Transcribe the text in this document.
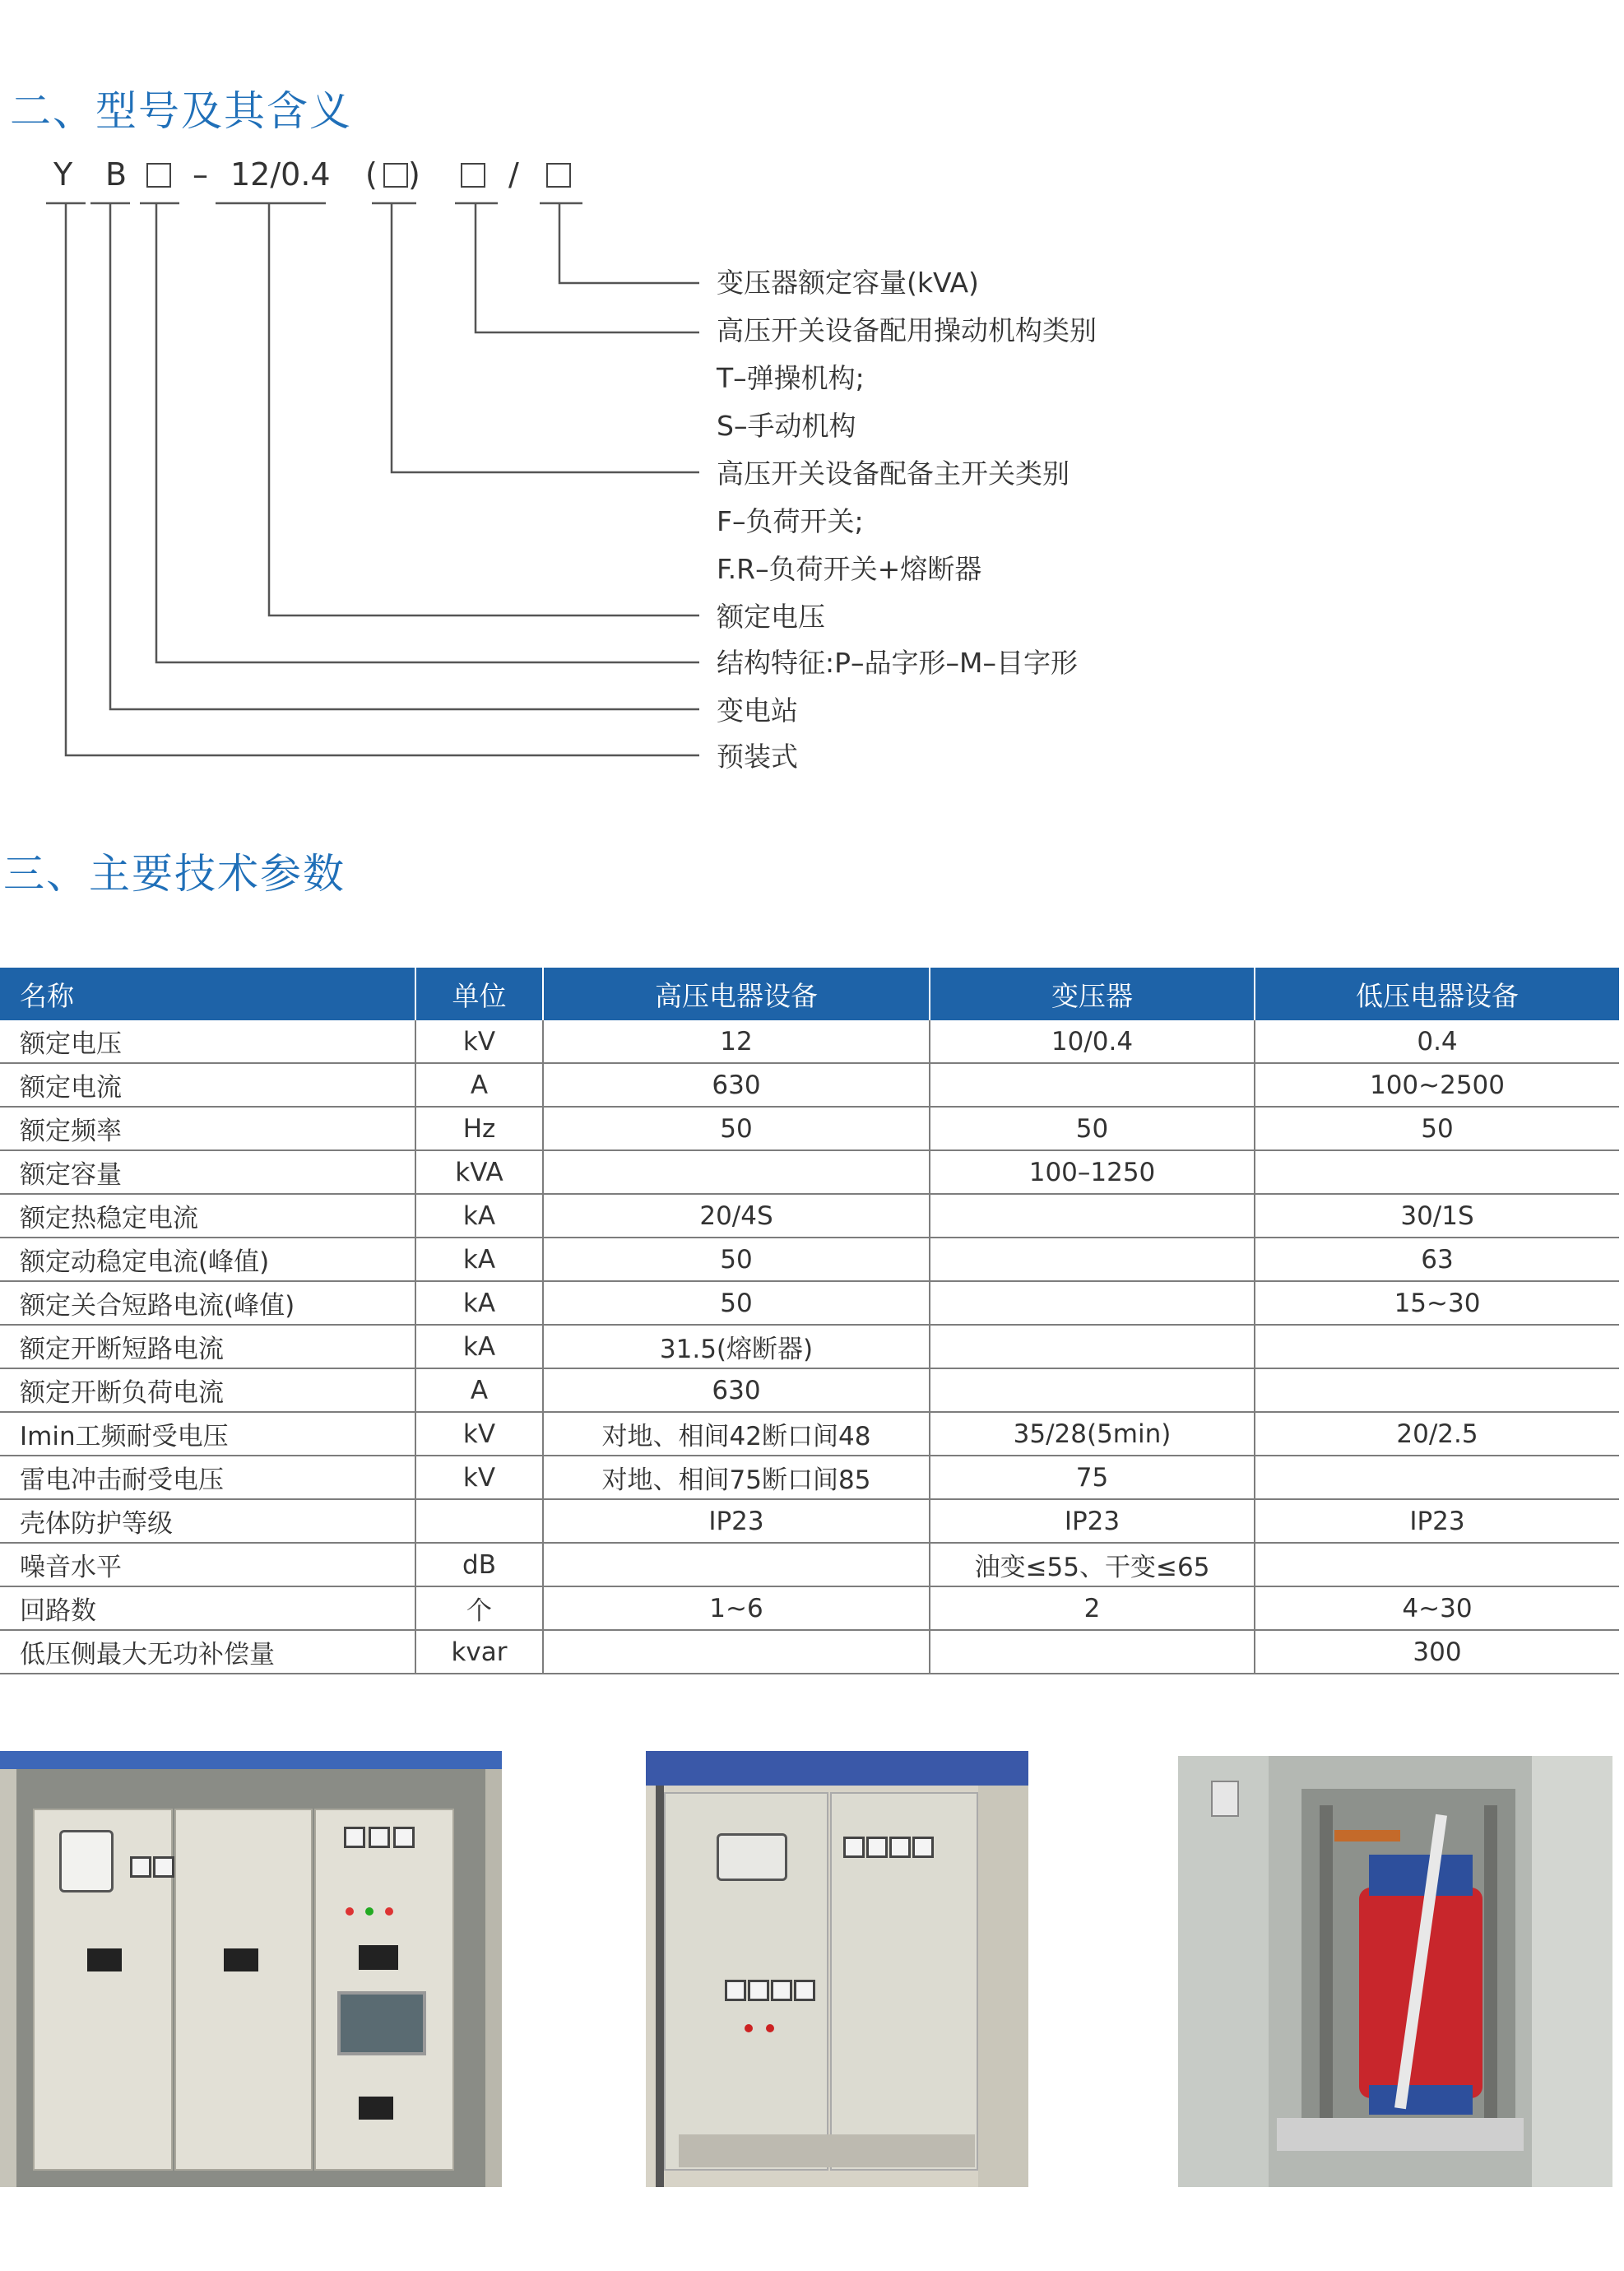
二、型号及其含义
Y B – 12/0.4 ( )	/
变压器额定容量(kVA)
高压开关设备配用操动机构类别
T–弹操机构;
S–手动机构
高压开关设备配备主开关类别
F–负荷开关;
F.R–负荷开关+熔断器
额定电压
结构特征:P–品字形–M–目字形
变电站
预装式
三、主要技术参数
名称	单位	高压电器设备	变压器	低压电器设备
额定电压	kV	12	10/0.4	0.4
额定电流	A	630		100~2500
额定频率	Hz	50	50	50
额定容量	kVA		100–1250	
额定热稳定电流	kA	20/4S		30/1S
额定动稳定电流(峰值)	kA	50		63
额定关合短路电流(峰值)	kA	50		15~30
额定开断短路电流	kA	31.5(熔断器)		
额定开断负荷电流	A	630		
Imin工频耐受电压	kV	对地、相间42断口间48	35/28(5min)	20/2.5
雷电冲击耐受电压	kV	对地、相间75断口间85	75	
壳体防护等级		IP23	IP23	IP23
噪音水平	dB		油变≤55、干变≤65	
回路数	个	1~6	2	4~30
低压侧最大无功补偿量	kvar			300
